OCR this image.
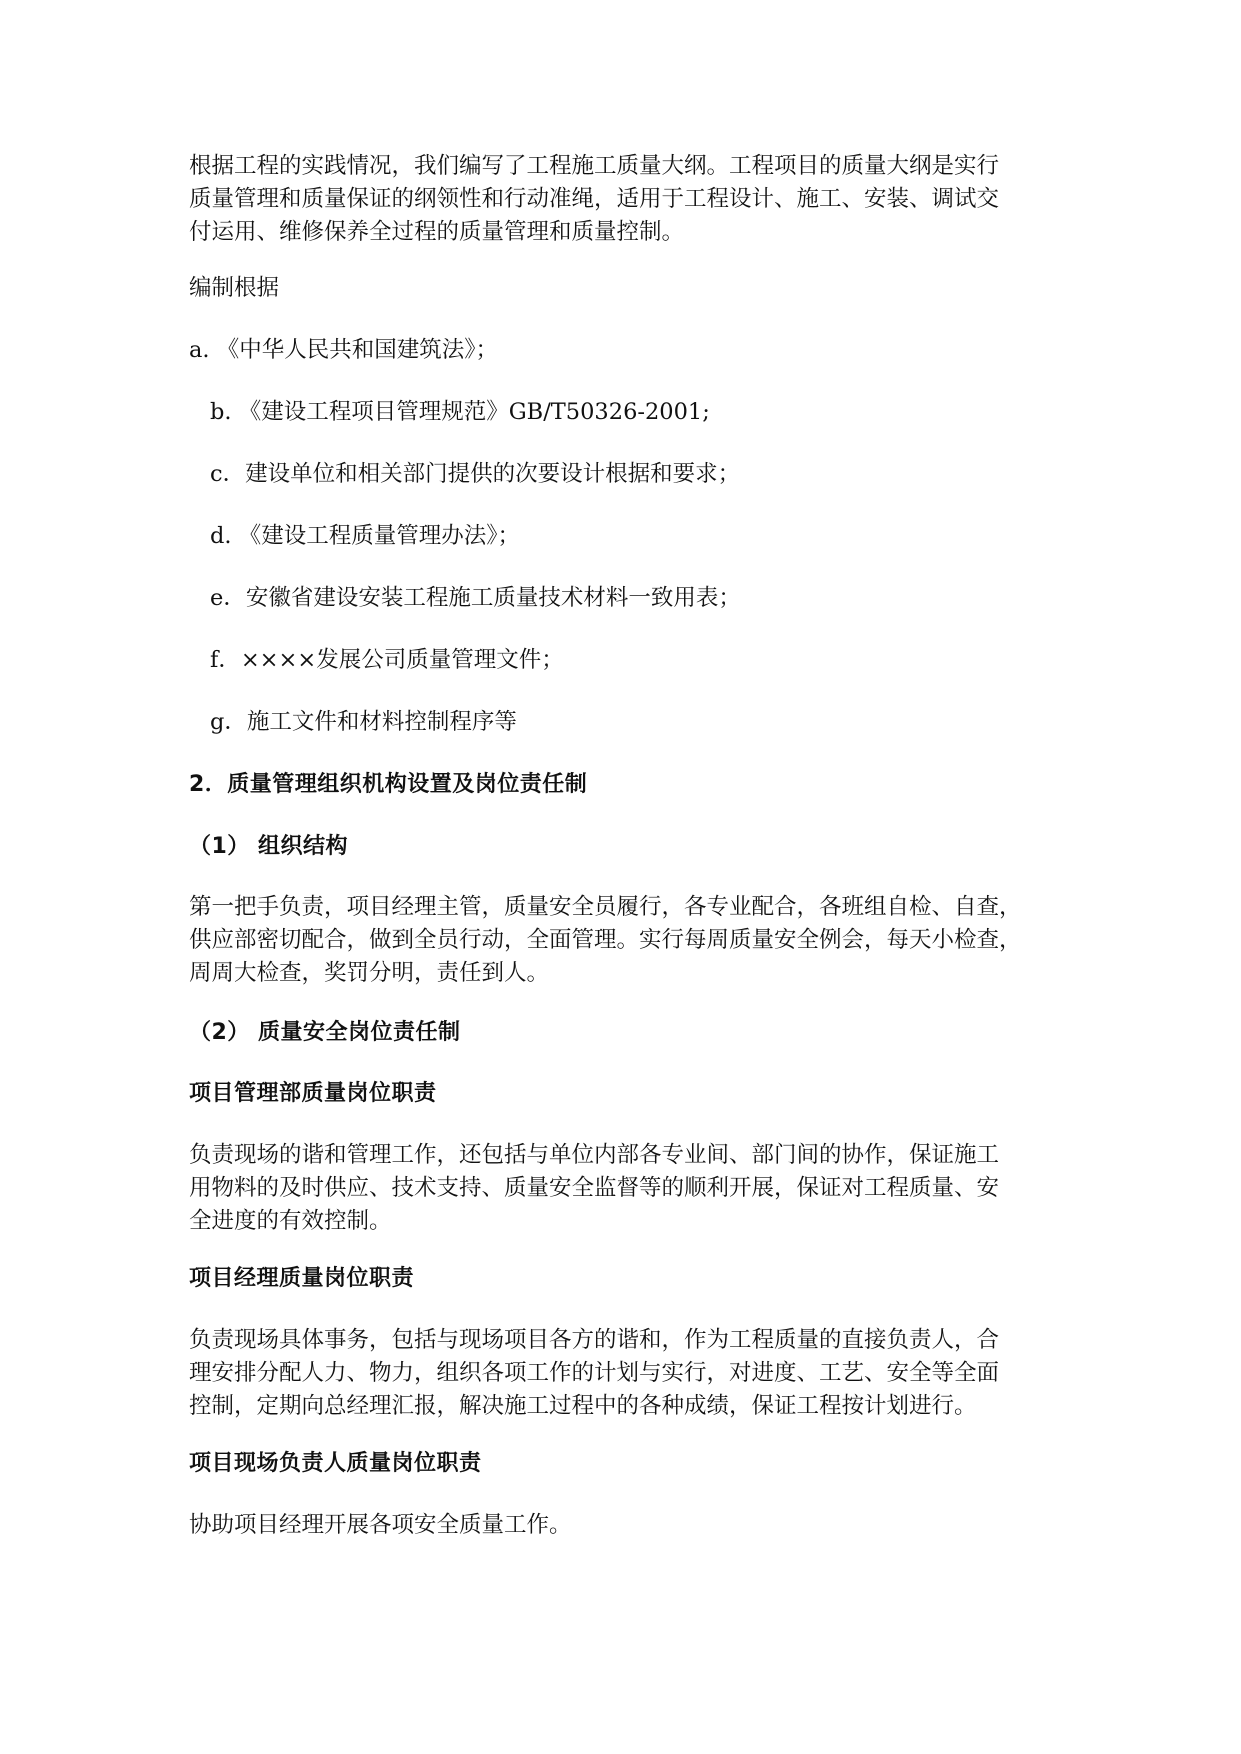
根据工程的实践情况，我们编写了工程施工质量大纲。工程项目的质量大纲是实行
质量管理和质量保证的纲领性和行动准绳，适用于工程设计、施工、安装、调试交
付运用、维修保养全过程的质量管理和质量控制。
编制根据
a. 《中华人民共和国建筑法》；
b. 《建设工程项目管理规范》GB/T50326-2001;
c．建设单位和相关部门提供的次要设计根据和要求；
d. 《建设工程质量管理办法》；
e．安徽省建设安装工程施工质量技术材料一致用表；
f．××××发展公司质量管理文件；
g．施工文件和材料控制程序等
2．质量管理组织机构设置及岗位责任制
（1） 组织结构
第一把手负责，项目经理主管，质量安全员履行，各专业配合，各班组自检、自查，
供应部密切配合，做到全员行动，全面管理。实行每周质量安全例会，每天小检查，
周周大检查，奖罚分明，责任到人。
（2） 质量安全岗位责任制
项目管理部质量岗位职责
负责现场的谐和管理工作，还包括与单位内部各专业间、部门间的协作，保证施工
用物料的及时供应、技术支持、质量安全监督等的顺利开展，保证对工程质量、安
全进度的有效控制。
项目经理质量岗位职责
负责现场具体事务，包括与现场项目各方的谐和，作为工程质量的直接负责人，合
理安排分配人力、物力，组织各项工作的计划与实行，对进度、工艺、安全等全面
控制，定期向总经理汇报，解决施工过程中的各种成绩，保证工程按计划进行。
项目现场负责人质量岗位职责
协助项目经理开展各项安全质量工作。
